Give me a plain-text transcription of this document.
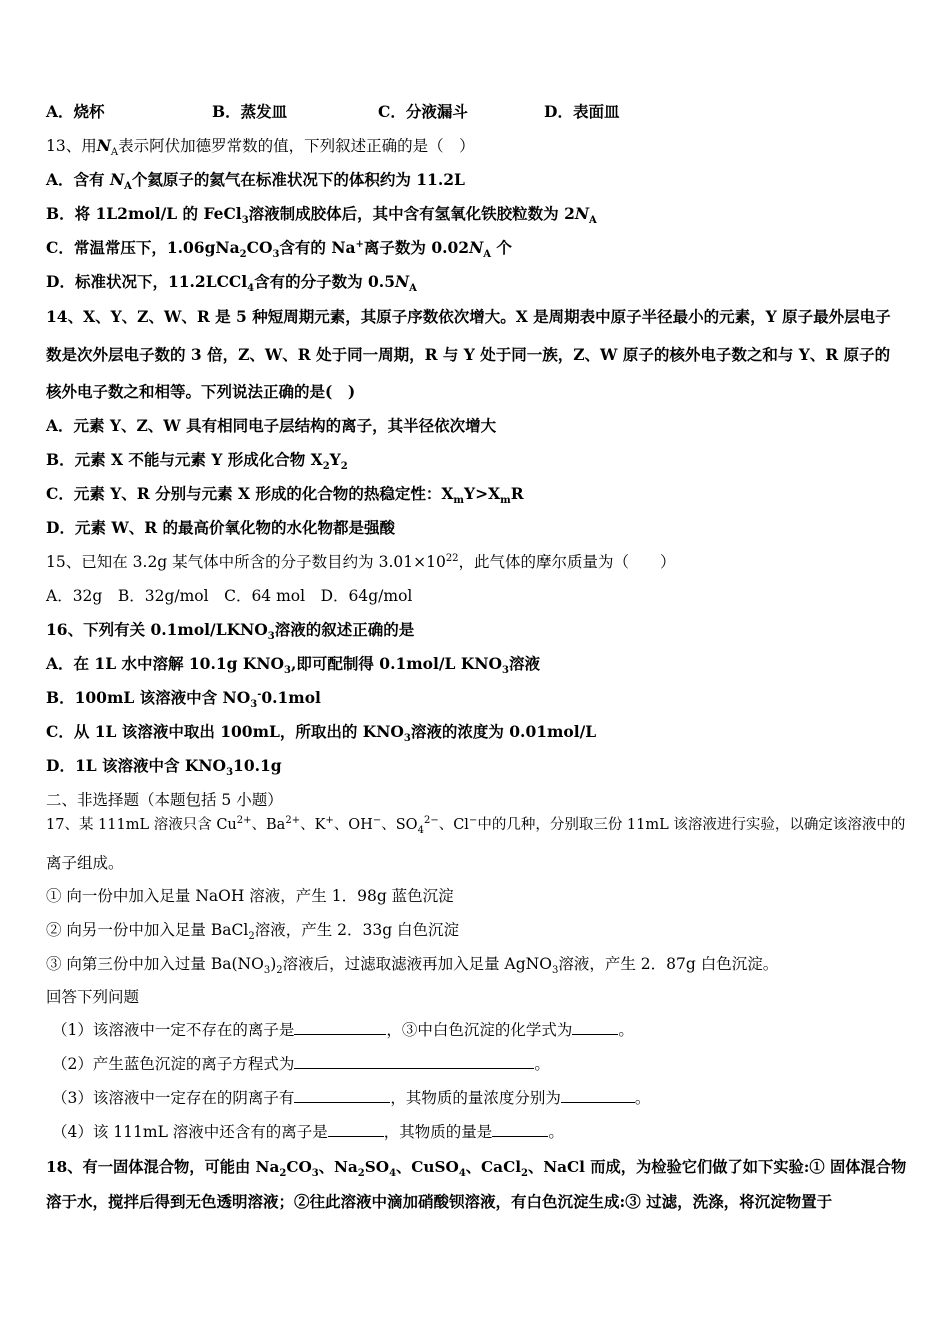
A．烧杯	B．蒸发皿	C．分液漏斗	D．表面皿
13、用$N_A$表示阿伏加德罗常数的值，下列叙述正确的是（　）
A．含有 $N_A$个氦原子的氦气在标准状况下的体积约为 11.2L
B．将 1L2mol/L 的 FeCl$_3$溶液制成胶体后，其中含有氢氧化铁胶粒数为 $2N_A$
C．常温常压下，$1.06gNa_2CO_3$含有的 Na+离子数为 $0.02N_A$ 个
D．标准状况下，11.2LCCl$_4$含有的分子数为 $0.5N_A$
14、X、Y、Z、W、R 是 5 种短周期元素，其原子序数依次增大。X 是周期表中原子半径最小的元素，Y 原子最外层电子
数是次外层电子数的 3 倍，Z、W、R 处于同一周期，R 与 Y 处于同一族，Z、W 原子的核外电子数之和与 Y、R 原子的
核外电子数之和相等。下列说法正确的是(　)
A．元素 Y、Z、W 具有相同电子层结构的离子，其半径依次增大
B．元素 X 不能与元素 Y 形成化合物 $X_2Y_2$
C．元素 Y、R 分别与元素 X 形成的化合物的热稳定性：$X_mY>X_mR$
D．元素 W、R 的最高价氧化物的水化物都是强酸
15、已知在 3.2g 某气体中所含的分子数目约为 $3.01\times 10^{22}$，此气体的摩尔质量为（　　）
A．32g　B．32g/mol　C．64 mol　D．64g/mol
16、下列有关 $0.1mol/LKNO_3$溶液的叙述正确的是
A．在 1L 水中溶解 10.1g $KNO_3$,即可配制得 0.1mol/L $KNO_3$溶液
B．100mL 该溶液中含 $NO_3^-0.1mol$
C．从 1L 该溶液中取出 100mL，所取出的 $KNO_3$溶液的浓度为 0.01mol/L
D．1L 该溶液中含 $KNO_310.1g$
二、非选择题（本题包括 5 小题）
17、某 111mL 溶液只含 $Cu^{2+}$、$Ba^{2+}$、K+、OH−、$SO_4^{2-}$、Cl−中的几种，分别取三份 11mL 该溶液进行实验，以确定该溶液中的
离子组成。
① 向一份中加入足量 NaOH 溶液，产生 1．98g 蓝色沉淀
② 向另一份中加入足量 BaCl$_2$溶液，产生 2．33g 白色沉淀
③ 向第三份中加入过量 $Ba(NO_3)_2$溶液后，过滤取滤液再加入足量 AgNO$_3$溶液，产生 2．87g 白色沉淀。
回答下列问题
（1）该溶液中一定不存在的离子是	，③中白色沉淀的化学式为	。
（2）产生蓝色沉淀的离子方程式为	。
（3）该溶液中一定存在的阴离子有	，其物质的量浓度分别为	。
（4）该 111mL 溶液中还含有的离子是	，其物质的量是	。
18、有一固体混合物，可能由 $Na_2CO_3$、$Na_2SO_4$、CuSO$_4$、CaCl$_2$、NaCl 而成，为检验它们做了如下实验:① 固体混合物
溶于水，搅拌后得到无色透明溶液；②往此溶液中滴加硝酸钡溶液，有白色沉淀生成:③ 过滤，洗涤，将沉淀物置于
